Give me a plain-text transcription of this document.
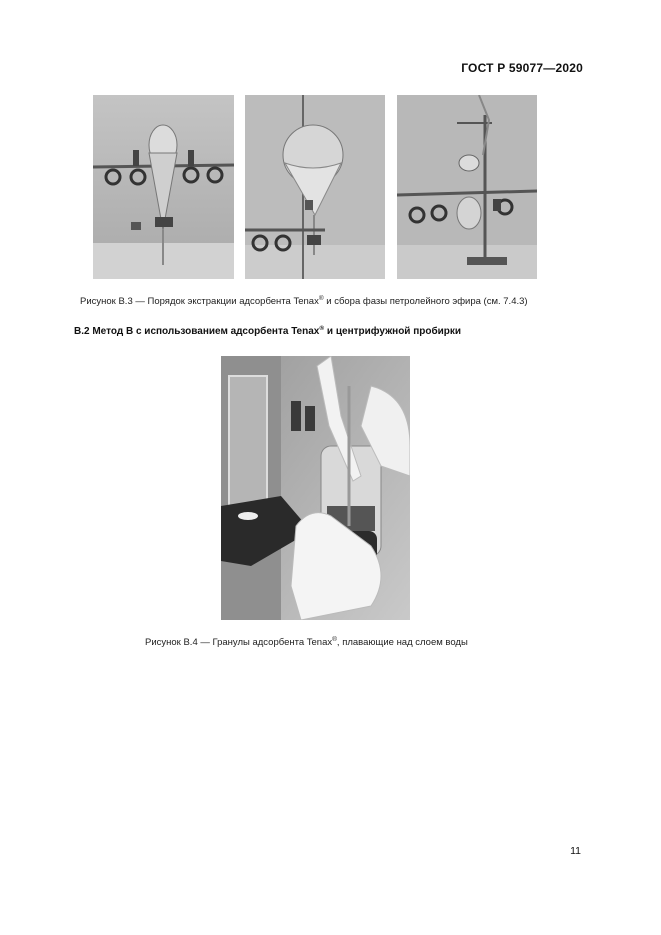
ГОСТ Р 59077—2020
Рисунок В.3 — Порядок экстракции адсорбента Tenax® и сбора фазы петролейного эфира (см. 7.4.3)
В.2 Метод В с использованием адсорбента Tenax® и центрифужной пробирки
Рисунок В.4 — Гранулы адсорбента Tenax®, плавающие над слоем воды
11
